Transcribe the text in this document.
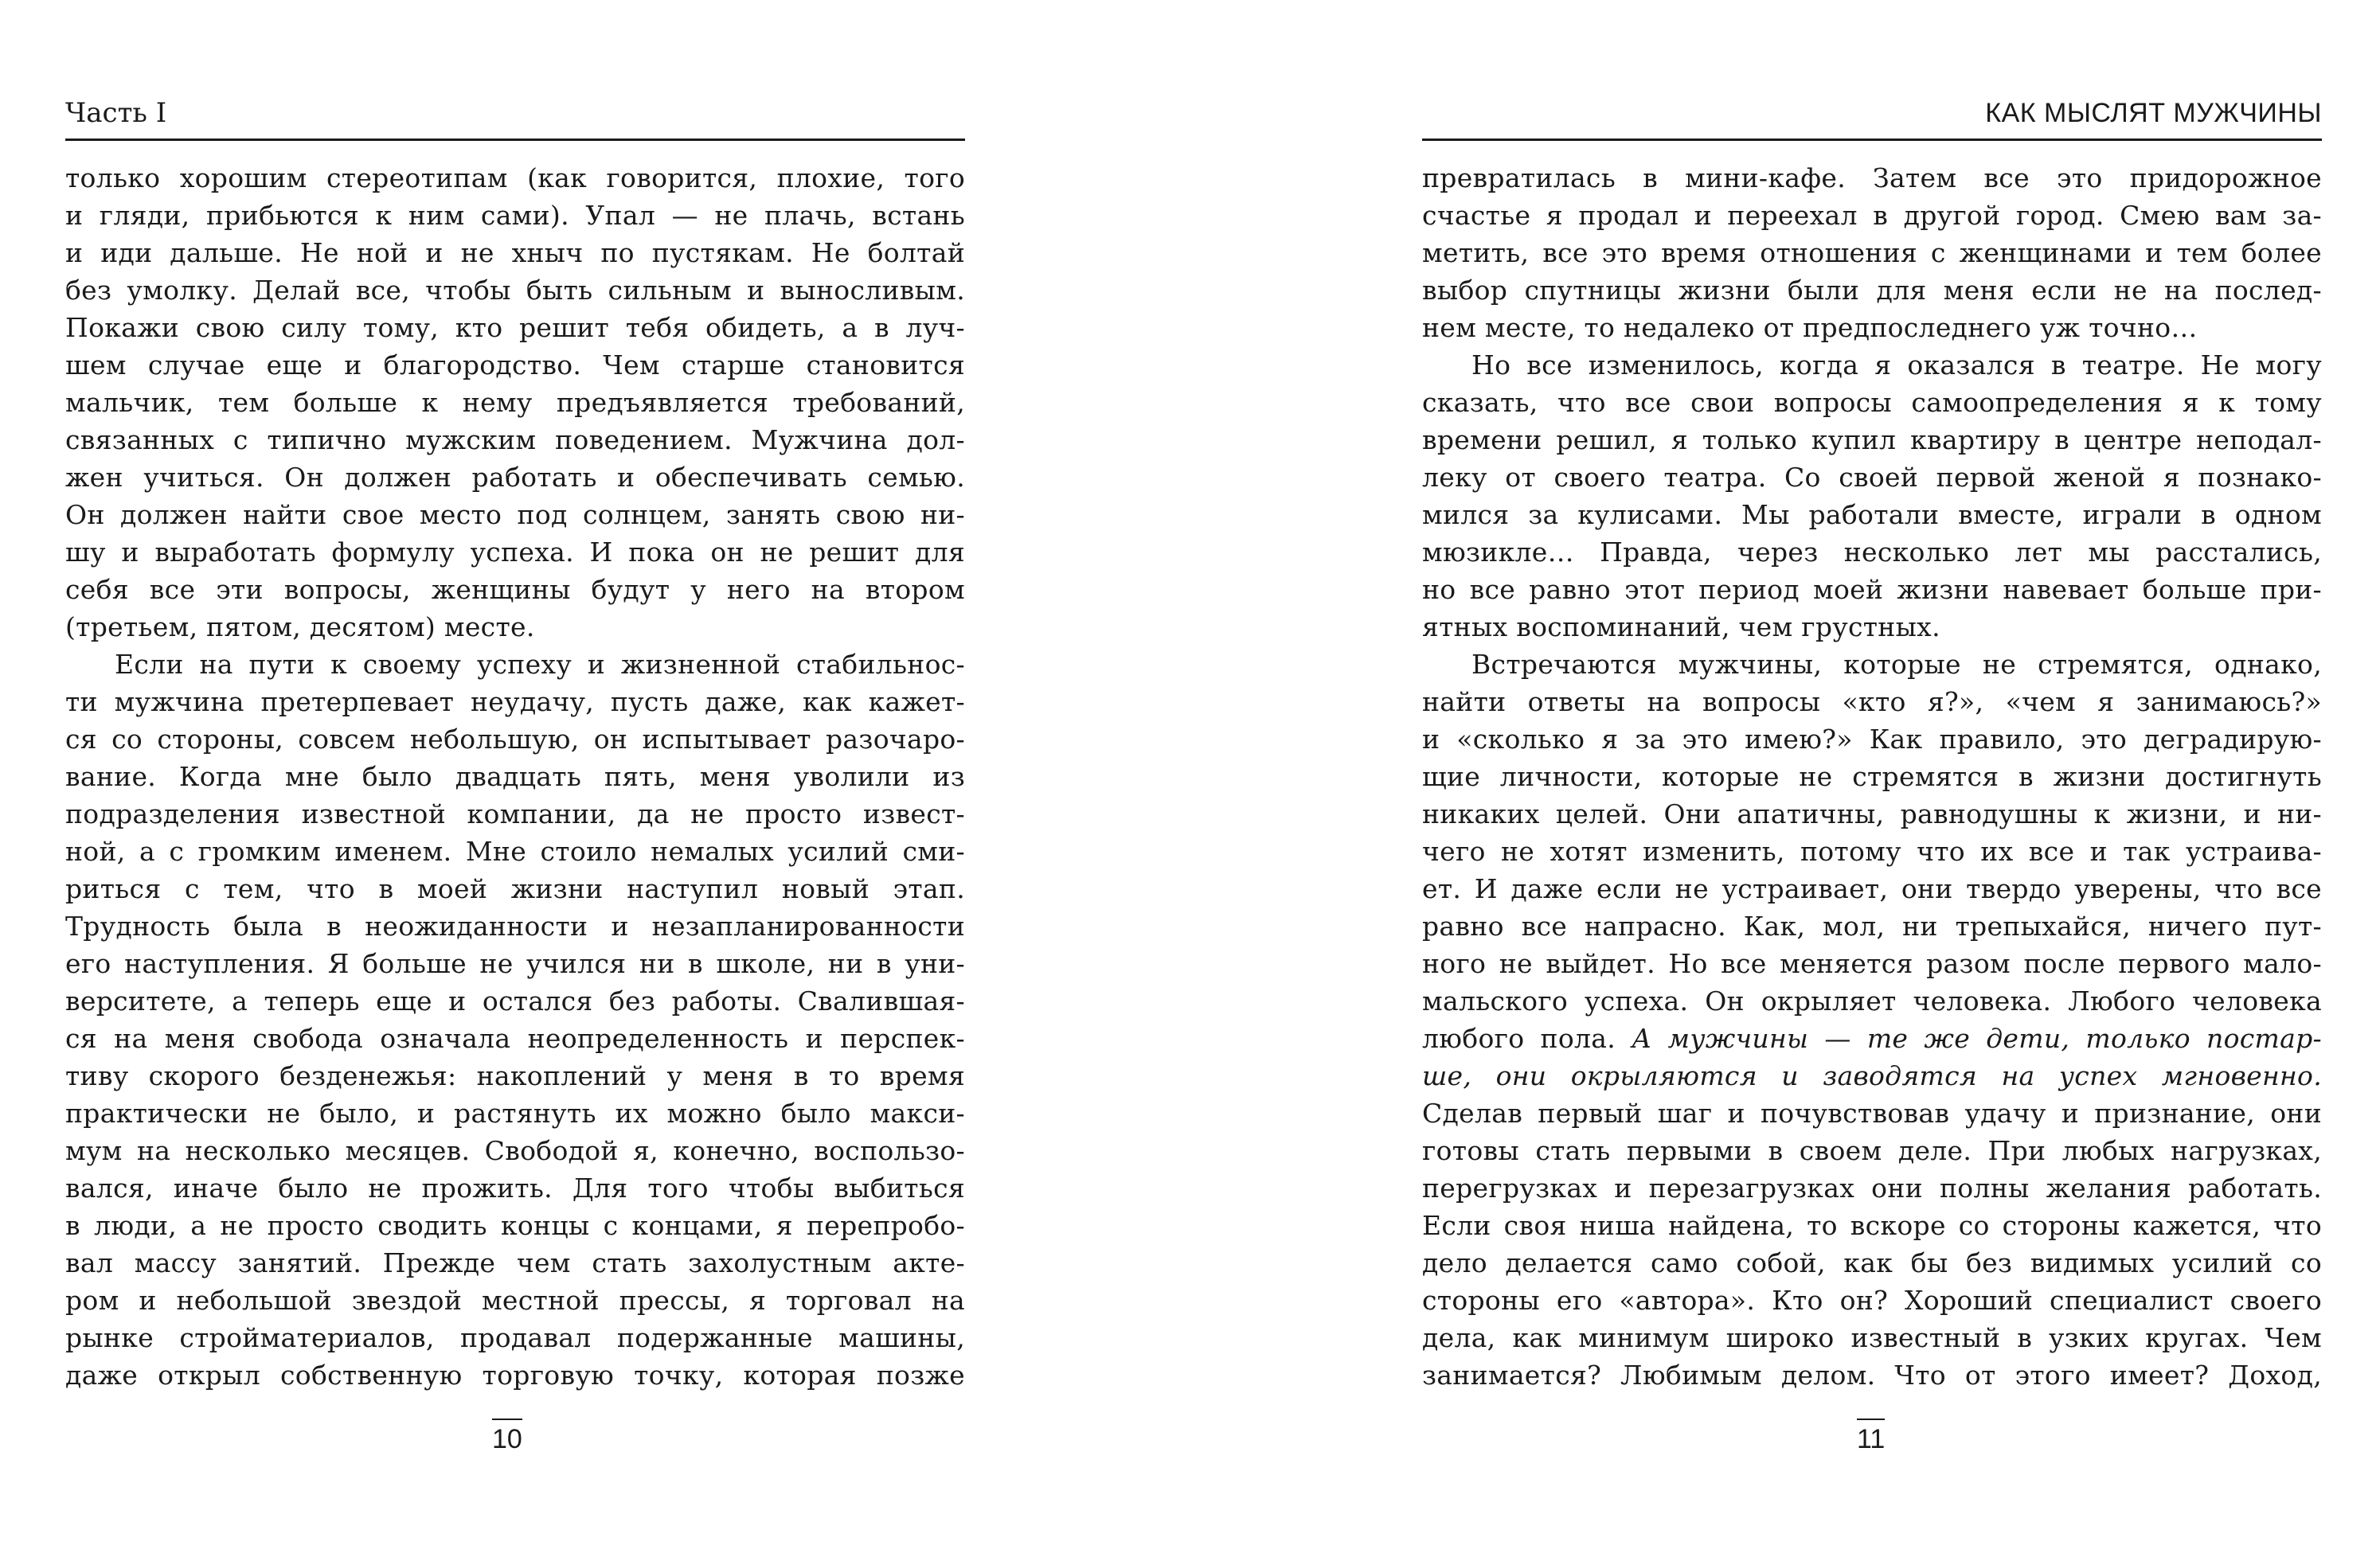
Часть I
только хорошим стереотипам (как говорится, плохие, того
и гляди, прибьются к ним сами). Упал — не плачь, встань
и иди дальше. Не ной и не хныч по пустякам. Не болтай
без умолку. Делай все, чтобы быть сильным и выносливым.
Покажи свою силу тому, кто решит тебя обидеть, а в луч-
шем случае еще и благородство. Чем старше становится
мальчик, тем больше к нему предъявляется требований,
связанных с типично мужским поведением. Мужчина дол-
жен учиться. Он должен работать и обеспечивать семью.
Он должен найти свое место под солнцем, занять свою ни-
шу и выработать формулу успеха. И пока он не решит для
себя все эти вопросы, женщины будут у него на втором
(третьем, пятом, десятом) месте.
Если на пути к своему успеху и жизненной стабильнос-
ти мужчина претерпевает неудачу, пусть даже, как кажет-
ся со стороны, совсем небольшую, он испытывает разочаро-
вание. Когда мне было двадцать пять, меня уволили из
подразделения известной компании, да не просто извест-
ной, а с громким именем. Мне стоило немалых усилий сми-
риться с тем, что в моей жизни наступил новый этап.
Трудность была в неожиданности и незапланированности
его наступления. Я больше не учился ни в школе, ни в уни-
верситете, а теперь еще и остался без работы. Свалившая-
ся на меня свобода означала неопределенность и перспек-
тиву скорого безденежья: накоплений у меня в то время
практически не было, и растянуть их можно было макси-
мум на несколько месяцев. Свободой я, конечно, воспользо-
вался, иначе было не прожить. Для того чтобы выбиться
в люди, а не просто сводить концы с концами, я перепробо-
вал массу занятий. Прежде чем стать захолустным акте-
ром и небольшой звездой местной прессы, я торговал на
рынке стройматериалов, продавал подержанные машины,
даже открыл собственную торговую точку, которая позже
10
КАК МЫСЛЯТ МУЖЧИНЫ
превратилась в мини-кафе. Затем все это придорожное
счастье я продал и переехал в другой город. Смею вам за-
метить, все это время отношения с женщинами и тем более
выбор спутницы жизни были для меня если не на послед-
нем месте, то недалеко от предпоследнего уж точно…
Но все изменилось, когда я оказался в театре. Не могу
сказать, что все свои вопросы самоопределения я к тому
времени решил, я только купил квартиру в центре неподал-
леку от своего театра. Со своей первой женой я познако-
мился за кулисами. Мы работали вместе, играли в одном
мюзикле… Правда, через несколько лет мы расстались,
но все равно этот период моей жизни навевает больше при-
ятных воспоминаний, чем грустных.
Встречаются мужчины, которые не стремятся, однако,
найти ответы на вопросы «кто я?», «чем я занимаюсь?»
и «сколько я за это имею?» Как правило, это деградирую-
щие личности, которые не стремятся в жизни достигнуть
никаких целей. Они апатичны, равнодушны к жизни, и ни-
чего не хотят изменить, потому что их все и так устраива-
ет. И даже если не устраивает, они твердо уверены, что все
равно все напрасно. Как, мол, ни трепыхайся, ничего пут-
ного не выйдет. Но все меняется разом после первого мало-
мальского успеха. Он окрыляет человека. Любого человека
любого пола. А мужчины — те же дети, только постар-
ше, они окрыляются и заводятся на успех мгновенно.
Сделав первый шаг и почувствовав удачу и признание, они
готовы стать первыми в своем деле. При любых нагрузках,
перегрузках и перезагрузках они полны желания работать.
Если своя ниша найдена, то вскоре со стороны кажется, что
дело делается само собой, как бы без видимых усилий со
стороны его «автора». Кто он? Хороший специалист своего
дела, как минимум широко известный в узких кругах. Чем
занимается? Любимым делом. Что от этого имеет? Доход,
11
